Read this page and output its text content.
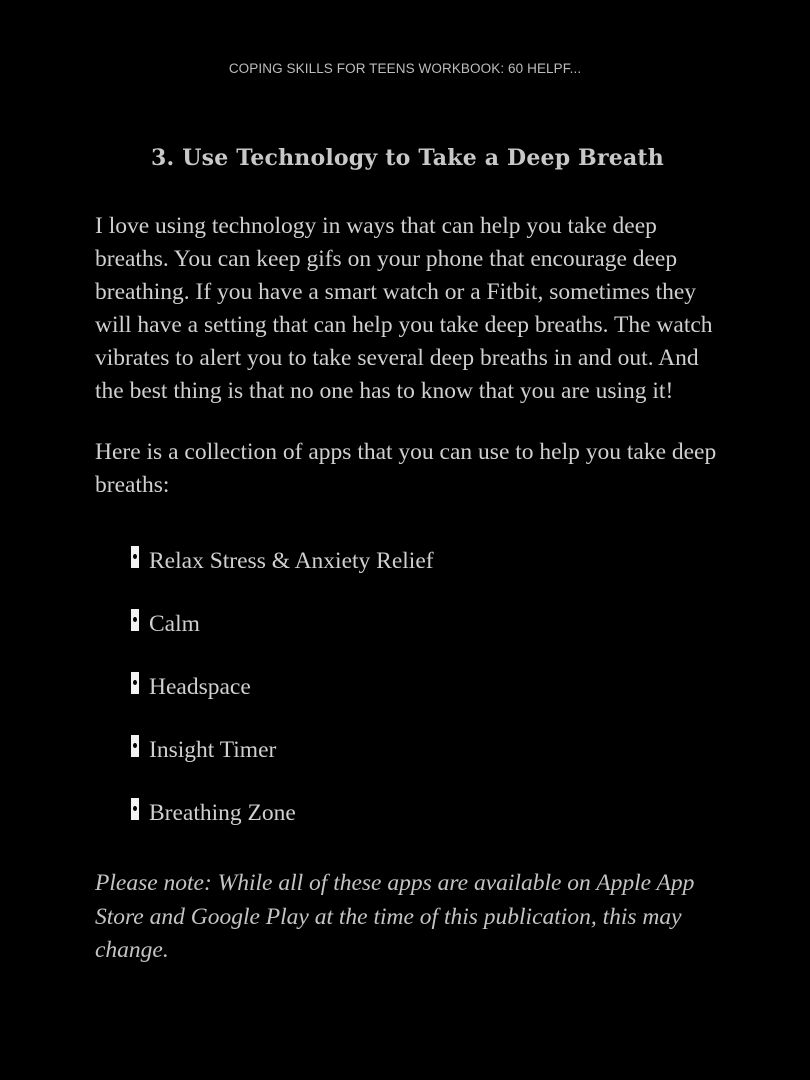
COPING SKILLS FOR TEENS WORKBOOK: 60 HELPF...
3. Use Technology to Take a Deep Breath

I love using technology in ways that can help you take deep breaths. You can keep gifs on your phone that encourage deep breathing. If you have a smart watch or a Fitbit, sometimes they will have a setting that can help you take deep breaths. The watch vibrates to alert you to take several deep breaths in and out. And the best thing is that no one has to know that you are using it!

Here is a collection of apps that you can use to help you take deep breaths:

Relax Stress & Anxiety Relief
Calm
Headspace
Insight Timer
Breathing Zone

Please note: While all of these apps are available on Apple App Store and Google Play at the time of this publication, this may change.
